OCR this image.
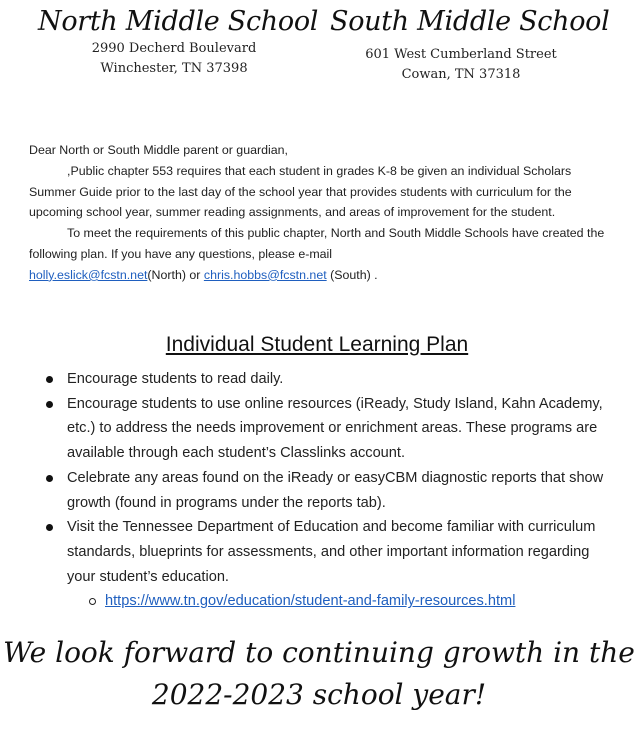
North Middle School
2990 Decherd Boulevard
Winchester, TN 37398
South Middle School
601 West Cumberland Street
Cowan, TN 37318

Dear North or South Middle parent or guardian,

,Public chapter 553 requires that each student in grades K-8 be given an individual Scholars Summer Guide prior to the last day of the school year that provides students with curriculum for the upcoming school year, summer reading assignments, and areas of improvement for the student.

To meet the requirements of this public chapter, North and South Middle Schools have created the following plan. If you have any questions, please e-mail
holly.eslick@fcstn.net(North) or chris.hobbs@fcstn.net (South) .

Individual Student Learning Plan
Encourage students to read daily.
Encourage students to use online resources (iReady, Study Island, Kahn Academy, etc.) to address the needs improvement or enrichment areas. These programs are available through each student’s Classlinks account.
Celebrate any areas found on the iReady or easyCBM diagnostic reports that show growth (found in programs under the reports tab).
Visit the Tennessee Department of Education and become familiar with curriculum standards, blueprints for assessments, and other important information regarding your student’s education.
https://www.tn.gov/education/student-and-family-resources.html
We look forward to continuing growth in the
2022-2023 school year!
